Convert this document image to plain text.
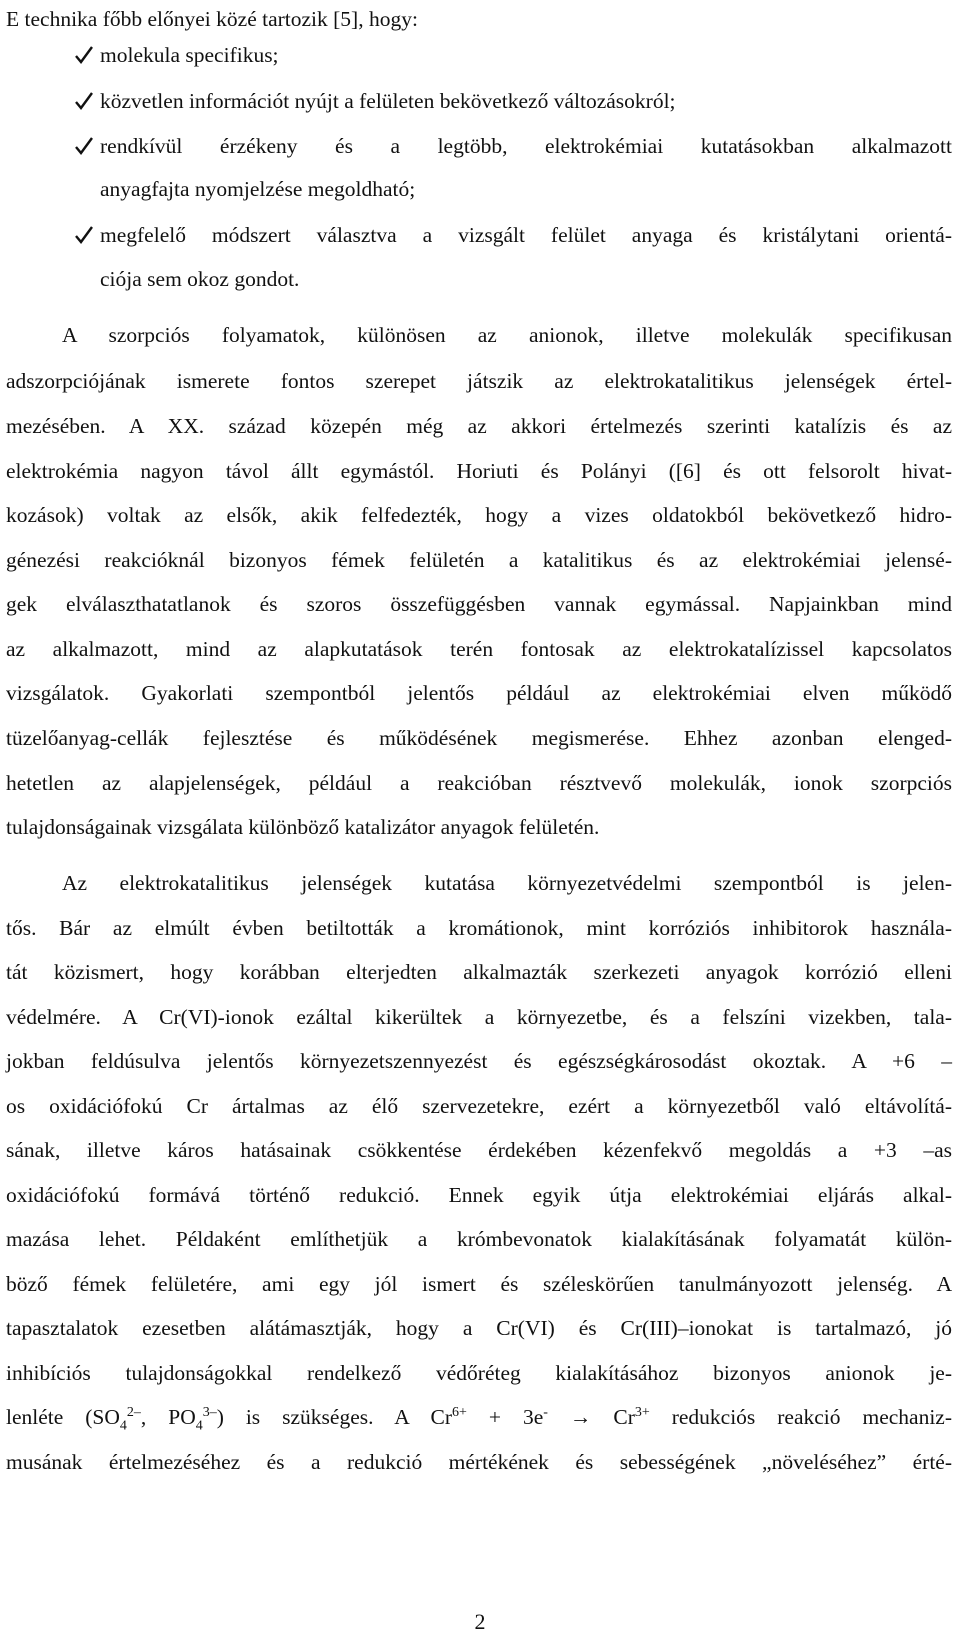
E technika főbb előnyei közé tartozik [5], hogy:
molekula specifikus;
közvetlen információt nyújt a felületen bekövetkező változásokról;
rendkívül érzékeny és a legtöbb, elektrokémiai kutatásokban alkalmazott
anyagfajta nyomjelzése megoldható;
megfelelő módszert választva a vizsgált felület anyaga és kristálytani orientá-
ciója sem okoz gondot.
A szorpciós folyamatok, különösen az anionok, illetve molekulák specifikusan
adszorpciójának ismerete fontos szerepet játszik az elektrokatalitikus jelenségek értel-
mezésében. A XX. század közepén még az akkori értelmezés szerinti katalízis és az
elektrokémia nagyon távol állt egymástól. Horiuti és Polányi ([6] és ott felsorolt hivat-
kozások) voltak az elsők, akik felfedezték, hogy a vizes oldatokból bekövetkező hidro-
génezési reakcióknál bizonyos fémek felületén a katalitikus és az elektrokémiai jelensé-
gek elválaszthatatlanok és szoros összefüggésben vannak egymással. Napjainkban mind
az alkalmazott, mind az alapkutatások terén fontosak az elektrokatalízissel kapcsolatos
vizsgálatok. Gyakorlati szempontból jelentős például az elektrokémiai elven működő
tüzelőanyag-cellák fejlesztése és működésének megismerése. Ehhez azonban elenged-
hetetlen az alapjelenségek, például a reakcióban résztvevő molekulák, ionok szorpciós
tulajdonságainak vizsgálata különböző katalizátor anyagok felületén.
Az elektrokatalitikus jelenségek kutatása környezetvédelmi szempontból is jelen-
tős. Bár az elmúlt évben betiltották a kromátionok, mint korróziós inhibitorok használa-
tát közismert, hogy korábban elterjedten alkalmazták szerkezeti anyagok korrózió elleni
védelmére. A Cr(VI)-ionok ezáltal kikerültek a környezetbe, és a felszíni vizekben, tala-
jokban feldúsulva jelentős környezetszennyezést és egészségkárosodást okoztak. A +6 –
os oxidációfokú Cr ártalmas az élő szervezetekre, ezért a környezetből való eltávolítá-
sának, illetve káros hatásainak csökkentése érdekében kézenfekvő megoldás a +3 –as
oxidációfokú formává történő redukció. Ennek egyik útja elektrokémiai eljárás alkal-
mazása lehet. Példaként említhetjük a krómbevonatok kialakításának folyamatát külön-
böző fémek felületére, ami egy jól ismert és széleskörűen tanulmányozott jelenség. A
tapasztalatok ezesetben alátámasztják, hogy a Cr(VI) és Cr(III)–ionokat is tartalmazó, jó
inhibíciós tulajdonságokkal rendelkező védőréteg kialakításához bizonyos anionok je-
lenléte ($SO_4^{2-}$, $PO_4^{3-}$) is szükséges. A $Cr^{6+} + 3e^- \to Cr^{3+}$ redukciós reakció mechaniz-
musának értelmezéséhez és a redukció mértékének és sebességének „növeléséhez” érté-
2
